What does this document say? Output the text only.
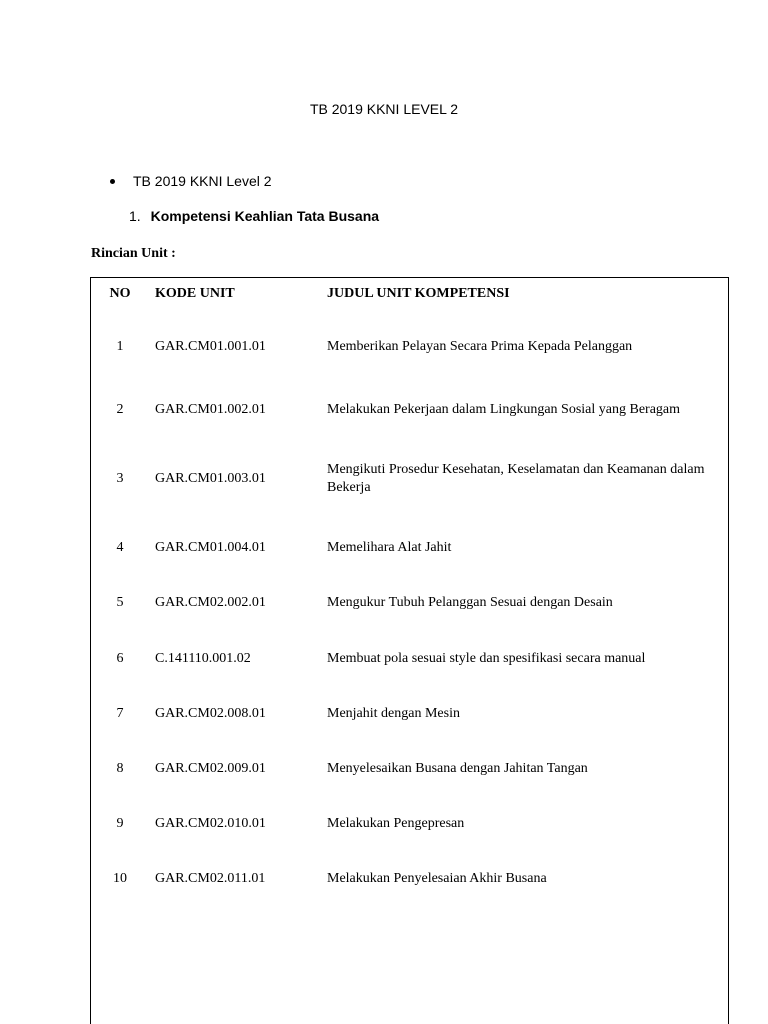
TB 2019 KKNI LEVEL 2
TB 2019 KKNI Level 2
1. Kompetensi Keahlian Tata Busana
Rincian Unit :
NO	KODE UNIT	JUDUL UNIT KOMPETENSI
1	GAR.CM01.001.01	Memberikan Pelayan Secara Prima Kepada Pelanggan
2	GAR.CM01.002.01	Melakukan Pekerjaan dalam Lingkungan Sosial yang Beragam
3	GAR.CM01.003.01	Mengikuti Prosedur Kesehatan, Keselamatan dan Keamanan dalam Bekerja
4	GAR.CM01.004.01	Memelihara Alat Jahit
5	GAR.CM02.002.01	Mengukur Tubuh Pelanggan Sesuai dengan Desain
6	C.141110.001.02	Membuat pola sesuai style dan spesifikasi secara manual
7	GAR.CM02.008.01	Menjahit dengan Mesin
8	GAR.CM02.009.01	Menyelesaikan Busana dengan Jahitan Tangan
9	GAR.CM02.010.01	Melakukan Pengepresan
10	GAR.CM02.011.01	Melakukan Penyelesaian Akhir Busana
